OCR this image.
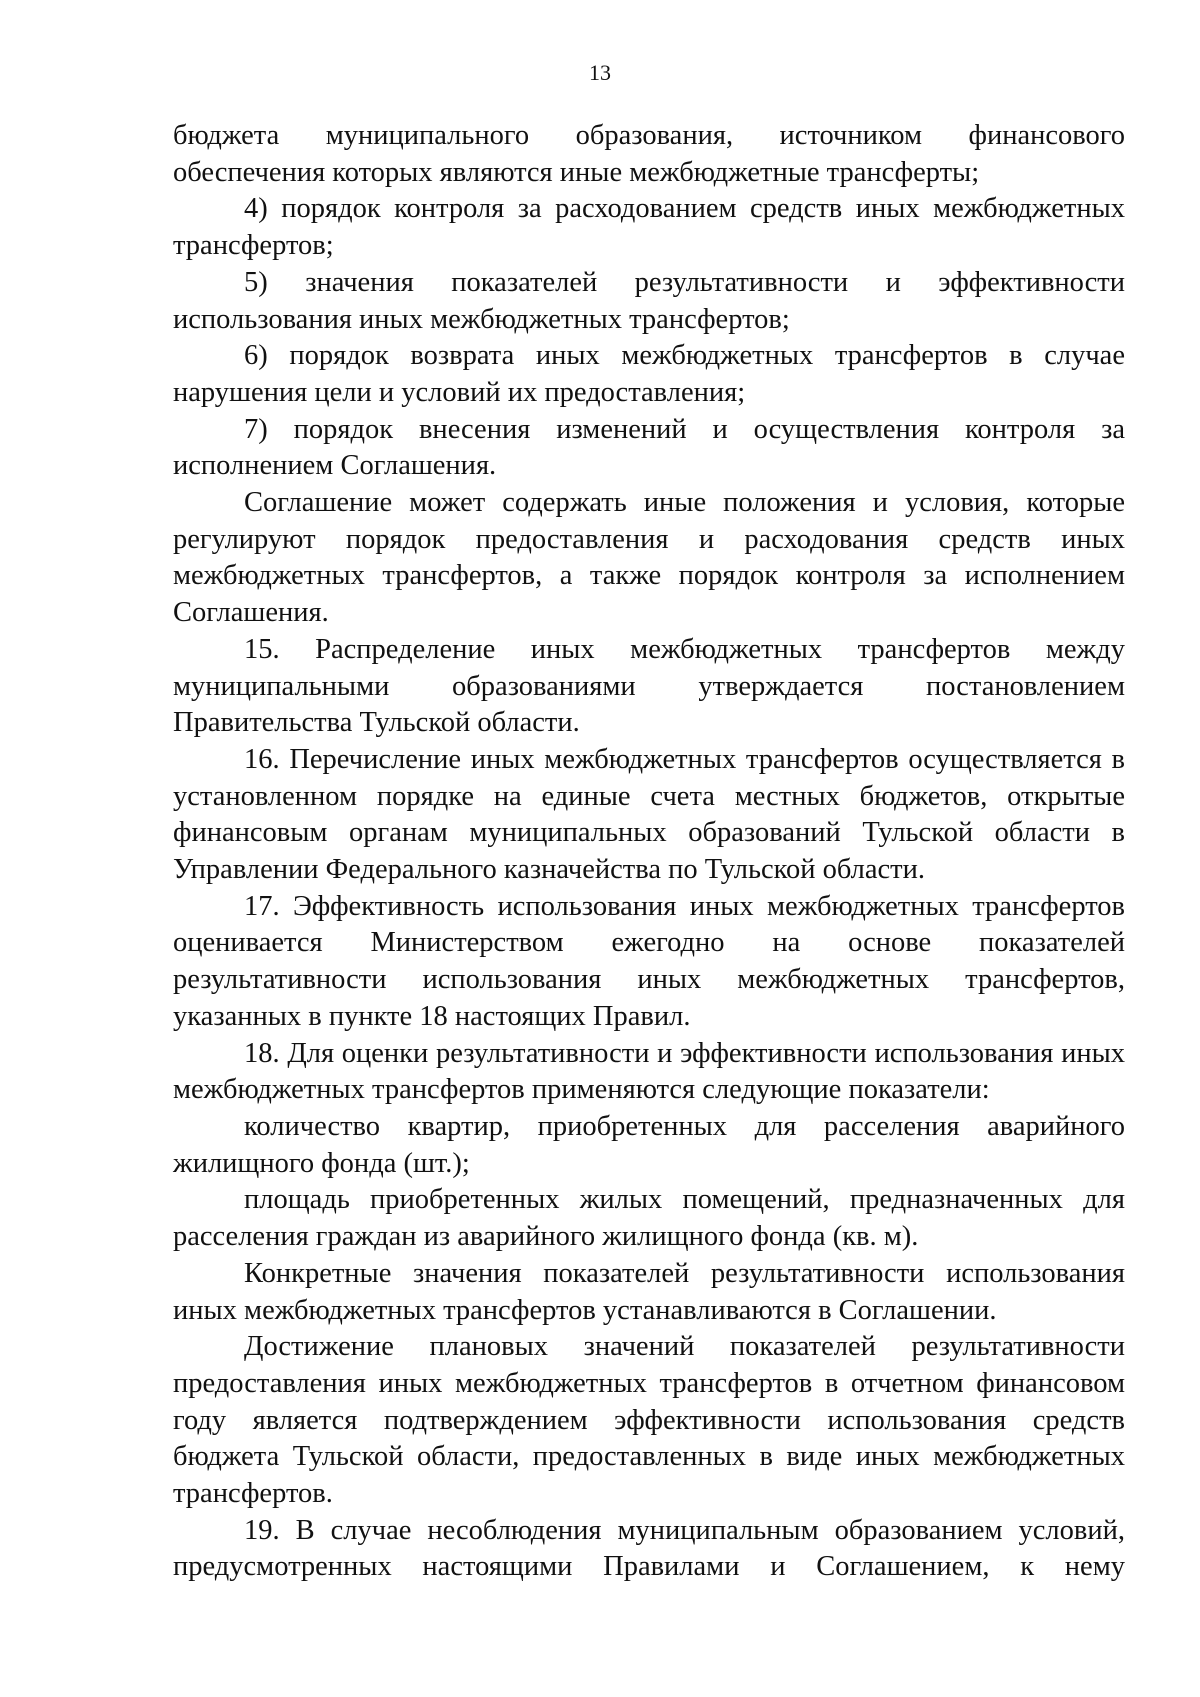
13

бюджета муниципального образования, источником финансового обеспечения которых являются иные межбюджетные трансферты;

4) порядок контроля за расходованием средств иных межбюджетных трансфертов;

5) значения показателей результативности и эффективности использования иных межбюджетных трансфертов;

6) порядок возврата иных межбюджетных трансфертов в случае нарушения цели и условий их предоставления;

7) порядок внесения изменений и осуществления контроля за исполнением Соглашения.

Соглашение может содержать иные положения и условия, которые регулируют порядок предоставления и расходования средств иных межбюджетных трансфертов, а также порядок контроля за исполнением Соглашения.

15. Распределение иных межбюджетных трансфертов между муниципальными образованиями утверждается постановлением Правительства Тульской области.

16. Перечисление иных межбюджетных трансфертов осуществляется в установленном порядке на единые счета местных бюджетов, открытые финансовым органам муниципальных образований Тульской области в Управлении Федерального казначейства по Тульской области.

17. Эффективность использования иных межбюджетных трансфертов оценивается Министерством ежегодно на основе показателей результативности использования иных межбюджетных трансфертов, указанных в пункте 18 настоящих Правил.

18. Для оценки результативности и эффективности использования иных межбюджетных трансфертов применяются следующие показатели:

количество квартир, приобретенных для расселения аварийного жилищного фонда (шт.);

площадь приобретенных жилых помещений, предназначенных для расселения граждан из аварийного жилищного фонда (кв. м).

Конкретные значения показателей результативности использования иных межбюджетных трансфертов устанавливаются в Соглашении.

Достижение плановых значений показателей результативности предоставления иных межбюджетных трансфертов в отчетном финансовом году является подтверждением эффективности использования средств бюджета Тульской области, предоставленных в виде иных межбюджетных трансфертов.

19. В случае несоблюдения муниципальным образованием условий, предусмотренных настоящими Правилами и Соглашением, к нему
